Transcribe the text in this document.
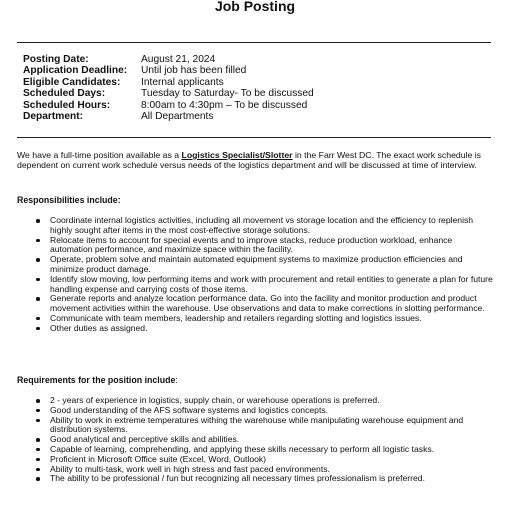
Job Posting
Posting Date:	August 21, 2024
Application Deadline:	Until job has been filled
Eligible Candidates:	Internal applicants
Scheduled Days:	Tuesday to Saturday- To be discussed
Scheduled Hours:	8:00am to 4:30pm – To be discussed
Department:	All Departments

We have a full-time position available as a Logistics Specialist/Slotter in the Farr West DC. The exact work schedule is dependent on current work schedule versus needs of the logistics department and will be discussed at time of interview.

Responsibilities include:
Coordinate internal logistics activities, including all movement vs storage location and the efficiency to replenish highly sought after items in the most cost-effective storage solutions.
Relocate items to account for special events and to improve stacks, reduce production workload, enhance automation performance, and maximize space within the facility.
Operate, problem solve and maintain automated equipment systems to maximize production efficiencies and minimize product damage.
Identify slow moving, low performing items and work with procurement and retail entities to generate a plan for future handling expense and carrying costs of those items.
Generate reports and analyze location performance data. Go into the facility and monitor production and product movement activities within the warehouse. Use observations and data to make corrections in slotting performance.
Communicate with team members, leadership and retailers regarding slotting and logistics issues.
Other duties as assigned.
Requirements for the position include:
2 - years of experience in logistics, supply chain, or warehouse operations is preferred.
Good understanding of the AFS software systems and logistics concepts.
Ability to work in extreme temperatures withing the warehouse while manipulating warehouse equipment and distribution systems.
Good analytical and perceptive skills and abilities.
Capable of learning, comprehending, and applying these skills necessary to perform all logistic tasks.
Proficient in Microsoft Office suite (Excel, Word, Outlook)
Ability to multi-task, work well in high stress and fast paced environments.
The ability to be professional / fun but recognizing all necessary times professionalism is preferred.
